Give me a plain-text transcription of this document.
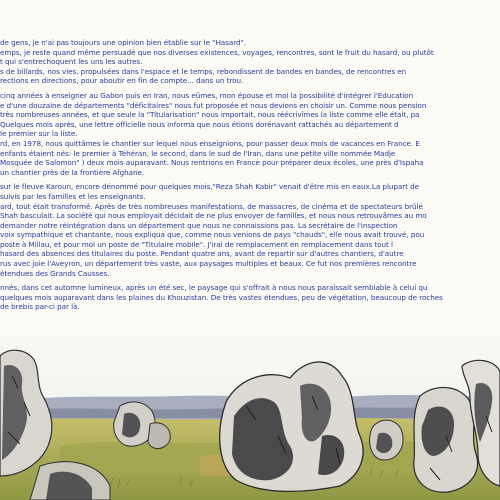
de gens, je n'ai pas toujours une opinion bien établie sur le "Hasard".
emps, je reste quand même persuadé que nos diverses existences, voyages, rencontres, sont le fruit du hasard, ou plutôt
t qui s'entrechoquent les uns les autres.
s de billards, nos vies, propulsées dans l'espace et le temps, rebondissent de bandes en bandes, de rencontres en
rections en directions, pour aboutir en fin de compte... dans un trou.
cinq années à enseigner au Gabon puis en Iran, nous eûmes, mon épouse et moi la possibilité d'intégrer l'Education
e d'une douzaine de départements "déficitaires" nous fut proposée et nous devions en choisir un. Comme nous pension
très nombreuses années, et que seule la "Titularisation" nous importait, nous réécrivîmes la liste comme elle était, pa
Quelques mois après, une lettre officielle nous informa que nous étions dorénavant rattachés au département d
le premier sur la liste.
rd, en 1978, nous quittâmes le chantier sur lequel nous enseignions, pour passer deux mois de vacances en France. E
enfants étaient nés: le premier à Téhéran, le second, dans le sud de l'Iran, dans une petite ville nommée Madje
Mosquée de Salomon" ) deux mois auparavant. Nous rentrions en France pour préparer deux écoles, une près d'Ispaha
un chantier près de la frontière Afghane.
sur le fleuve Karoun, encore dénommé pour quelques mois,"Reza Shah Kabir" venait d'être mis en eaux.La plupart de
suivis par les familles et les enseignants.
ard, tout était transformé. Après de très nombreuses manifestations, de massacres, de cinéma et de spectateurs brûlé
Shah basculait. La société qui nous employait décidait de ne plus envoyer de familles, et nous nous retrouvâmes au mo
demander notre réintégration dans un département que nous ne connaissions pas. La secrétaire de l'inspection
voix sympathique et chantante, nous expliqua que, comme nous venions de pays "chauds", elle nous avait trouvé, pou
poste à Millau, et pour moi un poste de "Titulaire mobile". J'irai de remplacement en remplacement dans tout l
hasard des absences des titulaires du poste. Pendant quatre ans, avant de repartir sur d'autres chantiers, d'autre
rus avec joie l'Aveyron, un département très vaste, aux paysages multiples et beaux. Ce fut nos premières rencontre
étendues des Grands Causses.
nnés, dans cet automne lumineux, après un été sec, le paysage qui s'offrait à nous nous paraissait semblable à celui qu
quelques mois auparavant dans les plaines du Khouzistan. De très vastes étendues, peu de végétation, beaucoup de roches
de brebis par-ci par là.
